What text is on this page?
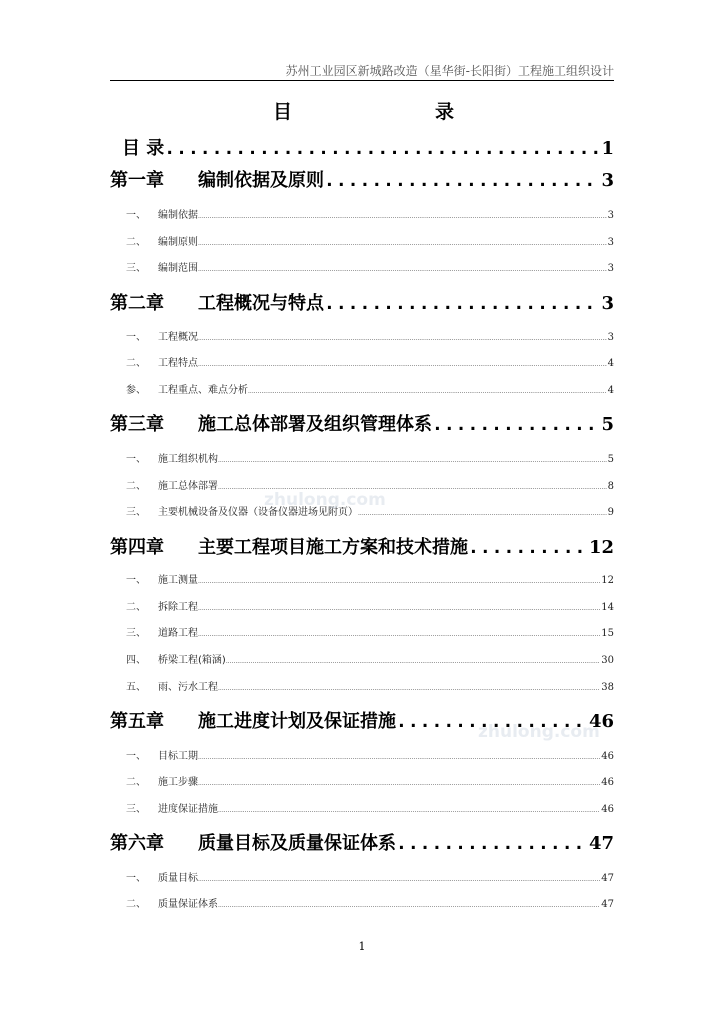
苏州工业园区新城路改造（星华街-长阳街）工程施工组织设计
目	录
目 录 .....	1
第一章	编制依据及原则 .....	3
一、	编制依据 .....	3
二、	编制原则 .....	3
三、	编制范围 .....	3
第二章	工程概况与特点 .....	3
一、	工程概况 .....	3
二、	工程特点 .....	4
参、	工程重点、难点分析 .....	4
第三章	施工总体部署及组织管理体系 .....	5
一、	施工组织机构 .....	5
二、	施工总体部署 .....	8
三、	主要机械设备及仪器（设备仪器进场见附页） .....	9
第四章	主要工程项目施工方案和技术措施 .....	12
一、	施工测量 .....	12
二、	拆除工程 .....	14
三、	道路工程 .....	15
四、	桥梁工程(箱涵) .....	30
五、	雨、污水工程 .....	38
第五章	施工进度计划及保证措施 .....	46
一、	目标工期 .....	46
二、	施工步骤 .....	46
三、	进度保证措施 .....	46
第六章	质量目标及质量保证体系 .....	47
一、	质量目标 .....	47
二、	质量保证体系 .....	47
zhulong.com
zhulong.com
1
